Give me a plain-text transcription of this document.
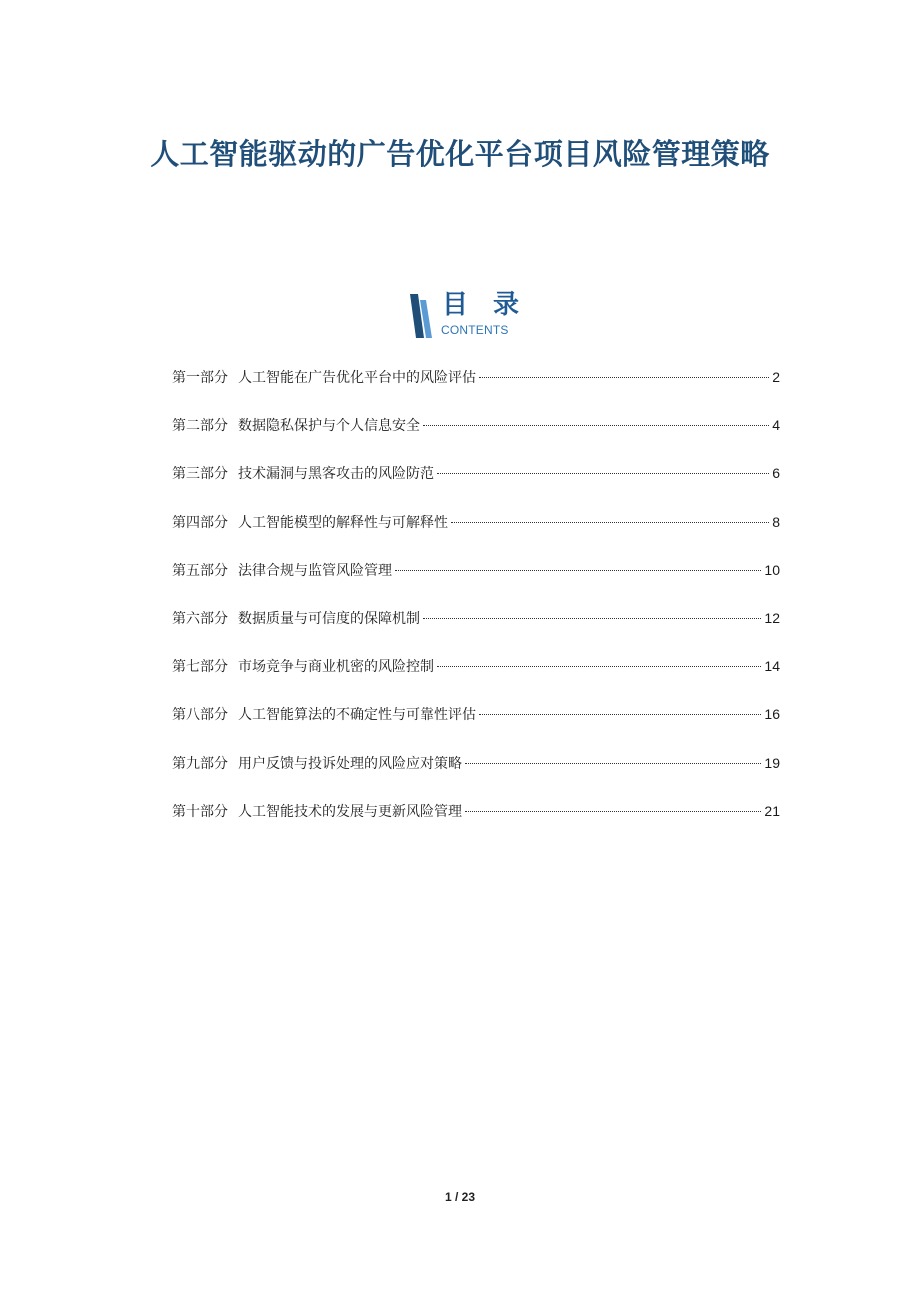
人工智能驱动的广告优化平台项目风险管理策略
目 录
CONTENTS
第一部分 人工智能在广告优化平台中的风险评估	2
第二部分 数据隐私保护与个人信息安全	4
第三部分 技术漏洞与黑客攻击的风险防范	6
第四部分 人工智能模型的解释性与可解释性	8
第五部分 法律合规与监管风险管理	10
第六部分 数据质量与可信度的保障机制	12
第七部分 市场竞争与商业机密的风险控制	14
第八部分 人工智能算法的不确定性与可靠性评估	16
第九部分 用户反馈与投诉处理的风险应对策略	19
第十部分 人工智能技术的发展与更新风险管理	21
1 / 23
